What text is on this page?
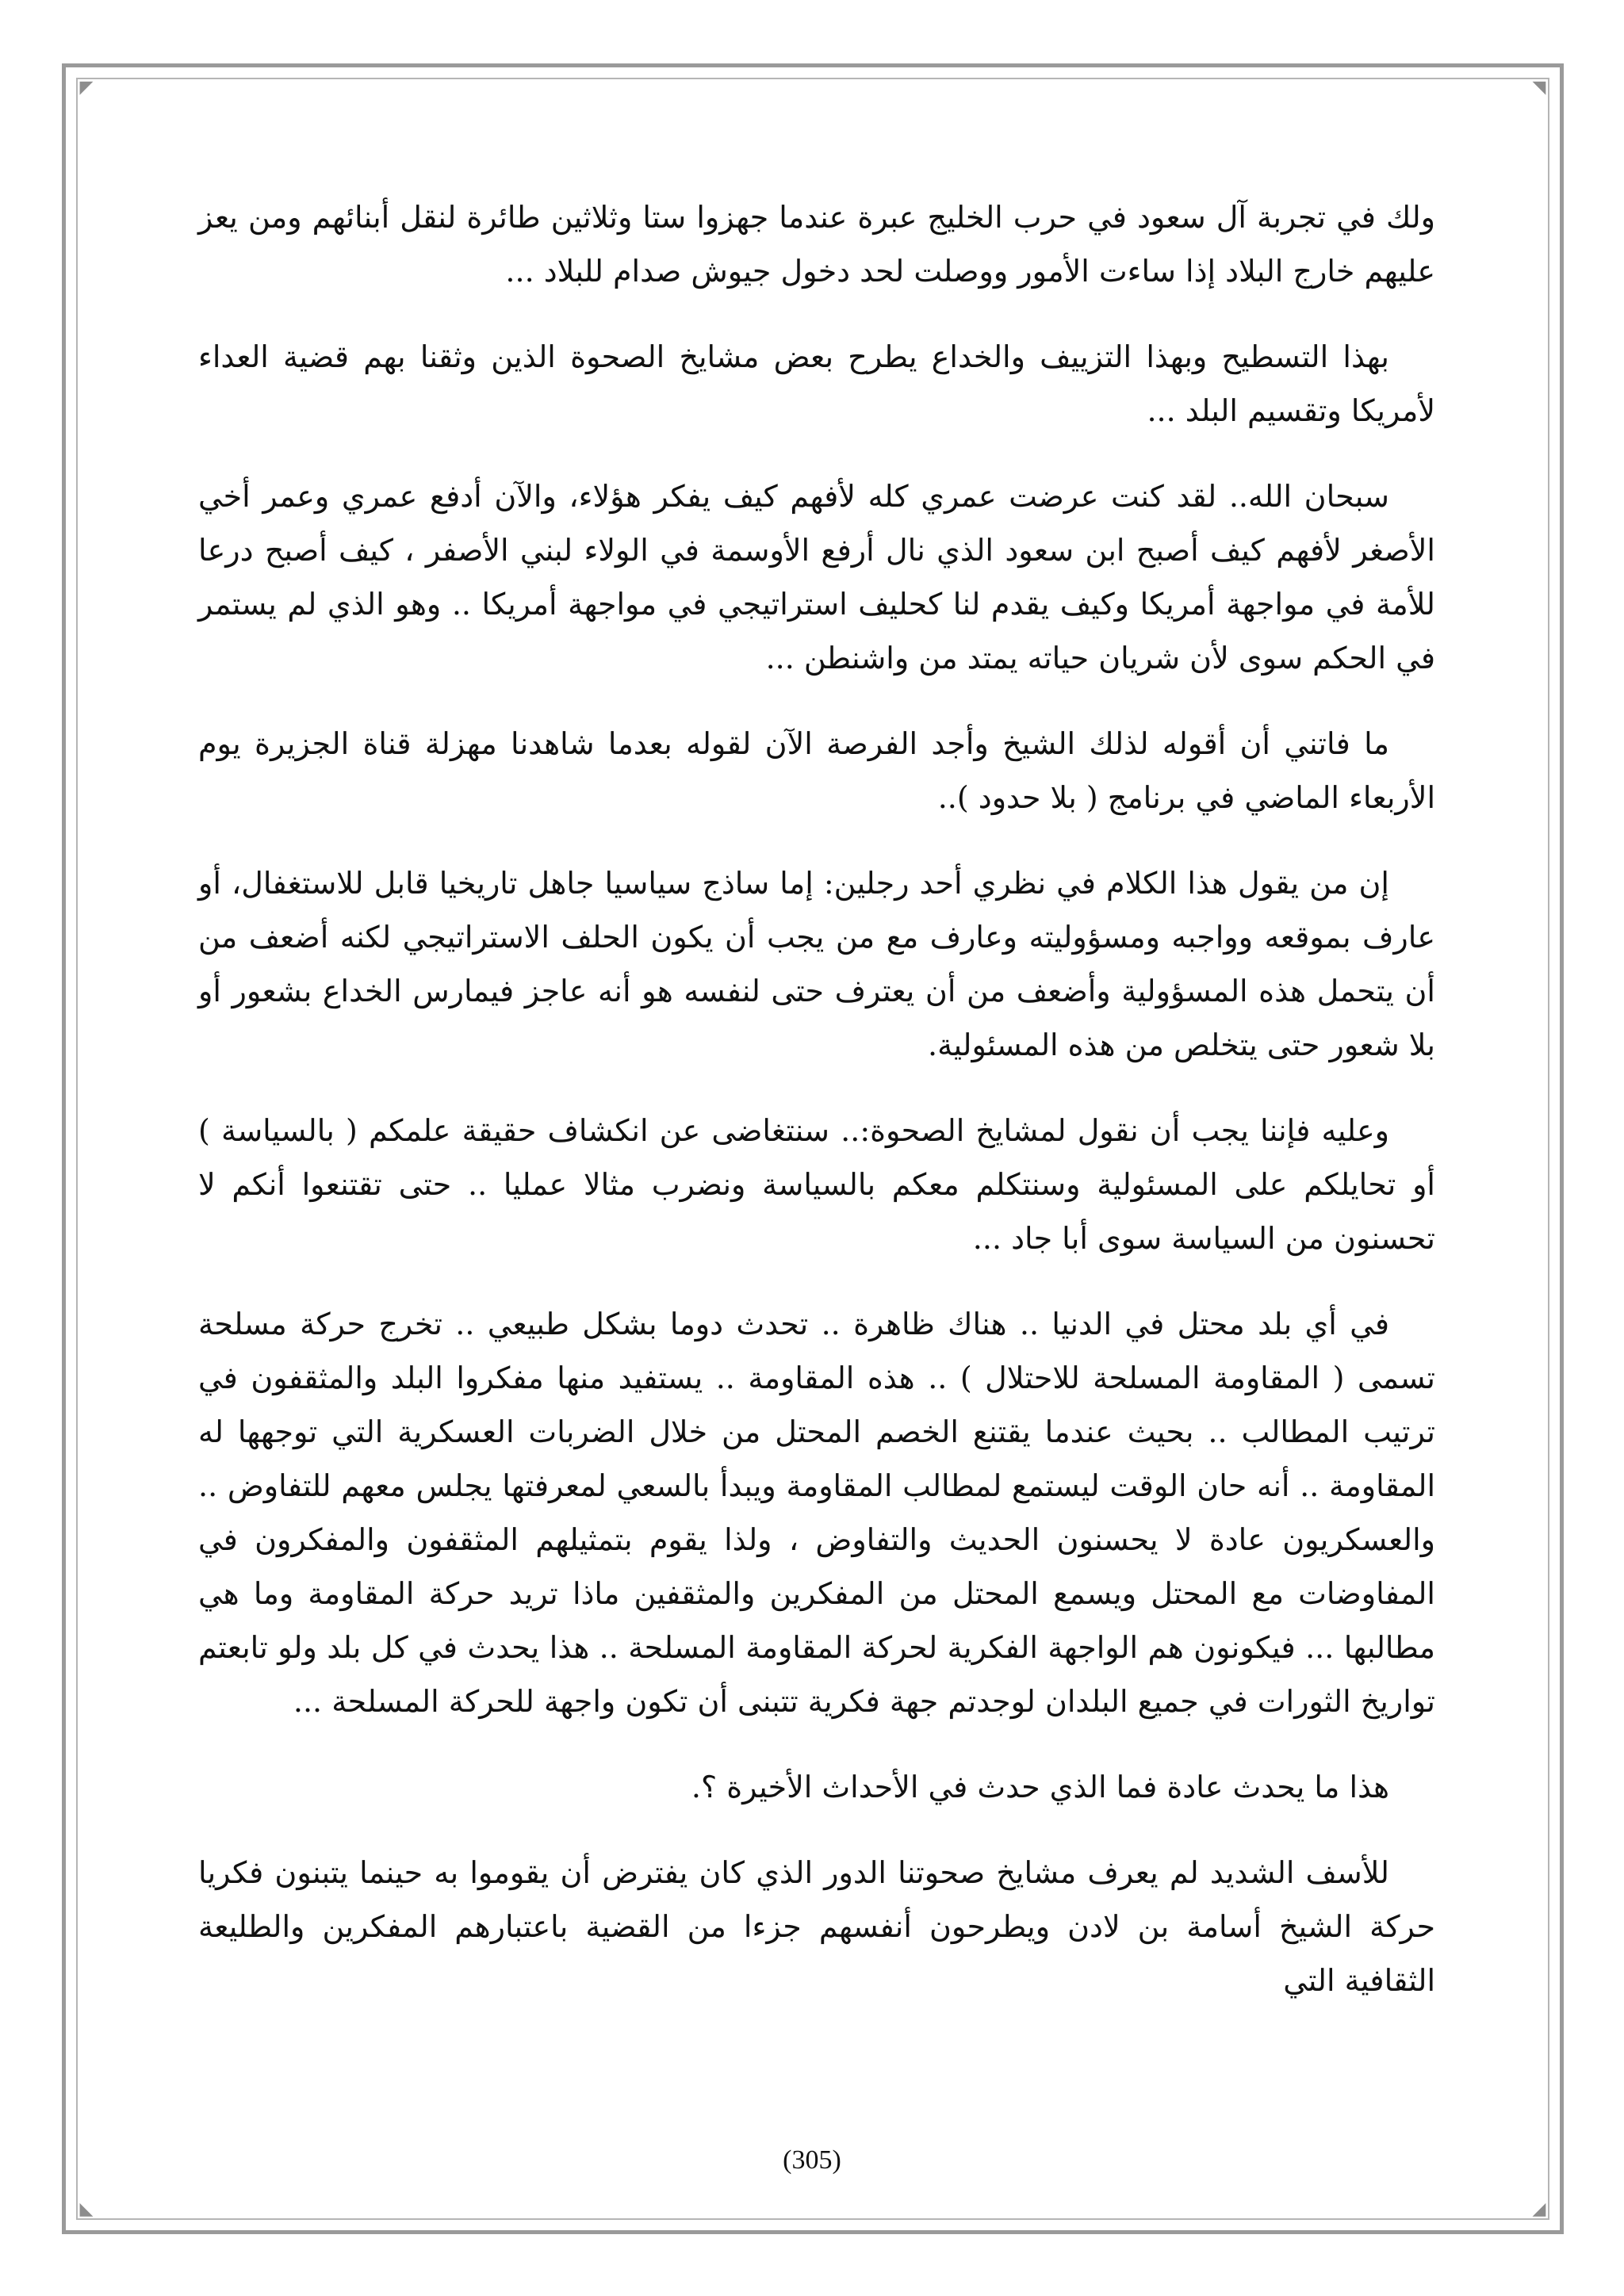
◤	◥
◣	◢

ولك في تجربة آل سعود في حرب الخليج عبرة عندما جهزوا ستا وثلاثين طائرة لنقل أبنائهم ومن يعز عليهم خارج البلاد إذا ساءت الأمور ووصلت لحد دخول جيوش صدام للبلاد ...

بهذا التسطيح وبهذا التزييف والخداع يطرح بعض مشايخ الصحوة الذين وثقنا بهم قضية العداء لأمريكا وتقسيم البلد ...

سبحان الله.. لقد كنت عرضت عمري كله لأفهم كيف يفكر هؤلاء، والآن أدفع عمري وعمر أخي الأصغر لأفهم كيف أصبح ابن سعود الذي نال أرفع الأوسمة في الولاء لبني الأصفر ، كيف أصبح درعا للأمة في مواجهة أمريكا وكيف يقدم لنا كحليف استراتيجي في مواجهة أمريكا .. وهو الذي لم يستمر في الحكم سوى لأن شريان حياته يمتد من واشنطن ...

ما فاتني أن أقوله لذلك الشيخ وأجد الفرصة الآن لقوله بعدما شاهدنا مهزلة قناة الجزيرة يوم الأربعاء الماضي في برنامج ( بلا حدود )..

إن من يقول هذا الكلام في نظري أحد رجلين: إما ساذج سياسيا جاهل تاريخيا قابل للاستغفال، أو عارف بموقعه وواجبه ومسؤوليته وعارف مع من يجب أن يكون الحلف الاستراتيجي لكنه أضعف من أن يتحمل هذه المسؤولية وأضعف من أن يعترف حتى لنفسه هو أنه عاجز فيمارس الخداع بشعور أو بلا شعور حتى يتخلص من هذه المسئولية.

وعليه فإننا يجب أن نقول لمشايخ الصحوة:.. سنتغاضى عن انكشاف حقيقة علمكم ( بالسياسة ) أو تحايلكم على المسئولية وسنتكلم معكم بالسياسة ونضرب مثالا عمليا .. حتى تقتنعوا أنكم لا تحسنون من السياسة سوى أبا جاد ...

في أي بلد محتل في الدنيا .. هناك ظاهرة .. تحدث دوما بشكل طبيعي .. تخرج حركة مسلحة تسمى ( المقاومة المسلحة للاحتلال ) .. هذه المقاومة .. يستفيد منها مفكروا البلد والمثقفون في ترتيب المطالب .. بحيث عندما يقتنع الخصم المحتل من خلال الضربات العسكرية التي توجهها له المقاومة .. أنه حان الوقت ليستمع لمطالب المقاومة ويبدأ بالسعي لمعرفتها يجلس معهم للتفاوض .. والعسكريون عادة لا يحسنون الحديث والتفاوض ، ولذا يقوم بتمثيلهم المثقفون والمفكرون في المفاوضات مع المحتل ويسمع المحتل من المفكرين والمثقفين ماذا تريد حركة المقاومة وما هي مطالبها ... فيكونون هم الواجهة الفكرية لحركة المقاومة المسلحة .. هذا يحدث في كل بلد ولو تابعتم تواريخ الثورات في جميع البلدان لوجدتم جهة فكرية تتبنى أن تكون واجهة للحركة المسلحة ...

هذا ما يحدث عادة فما الذي حدث في الأحداث الأخيرة ؟.

للأسف الشديد لم يعرف مشايخ صحوتنا الدور الذي كان يفترض أن يقوموا به حينما يتبنون فكريا حركة الشيخ أسامة بن لادن ويطرحون أنفسهم جزءا من القضية باعتبارهم المفكرين والطليعة الثقافية التي

(305)
